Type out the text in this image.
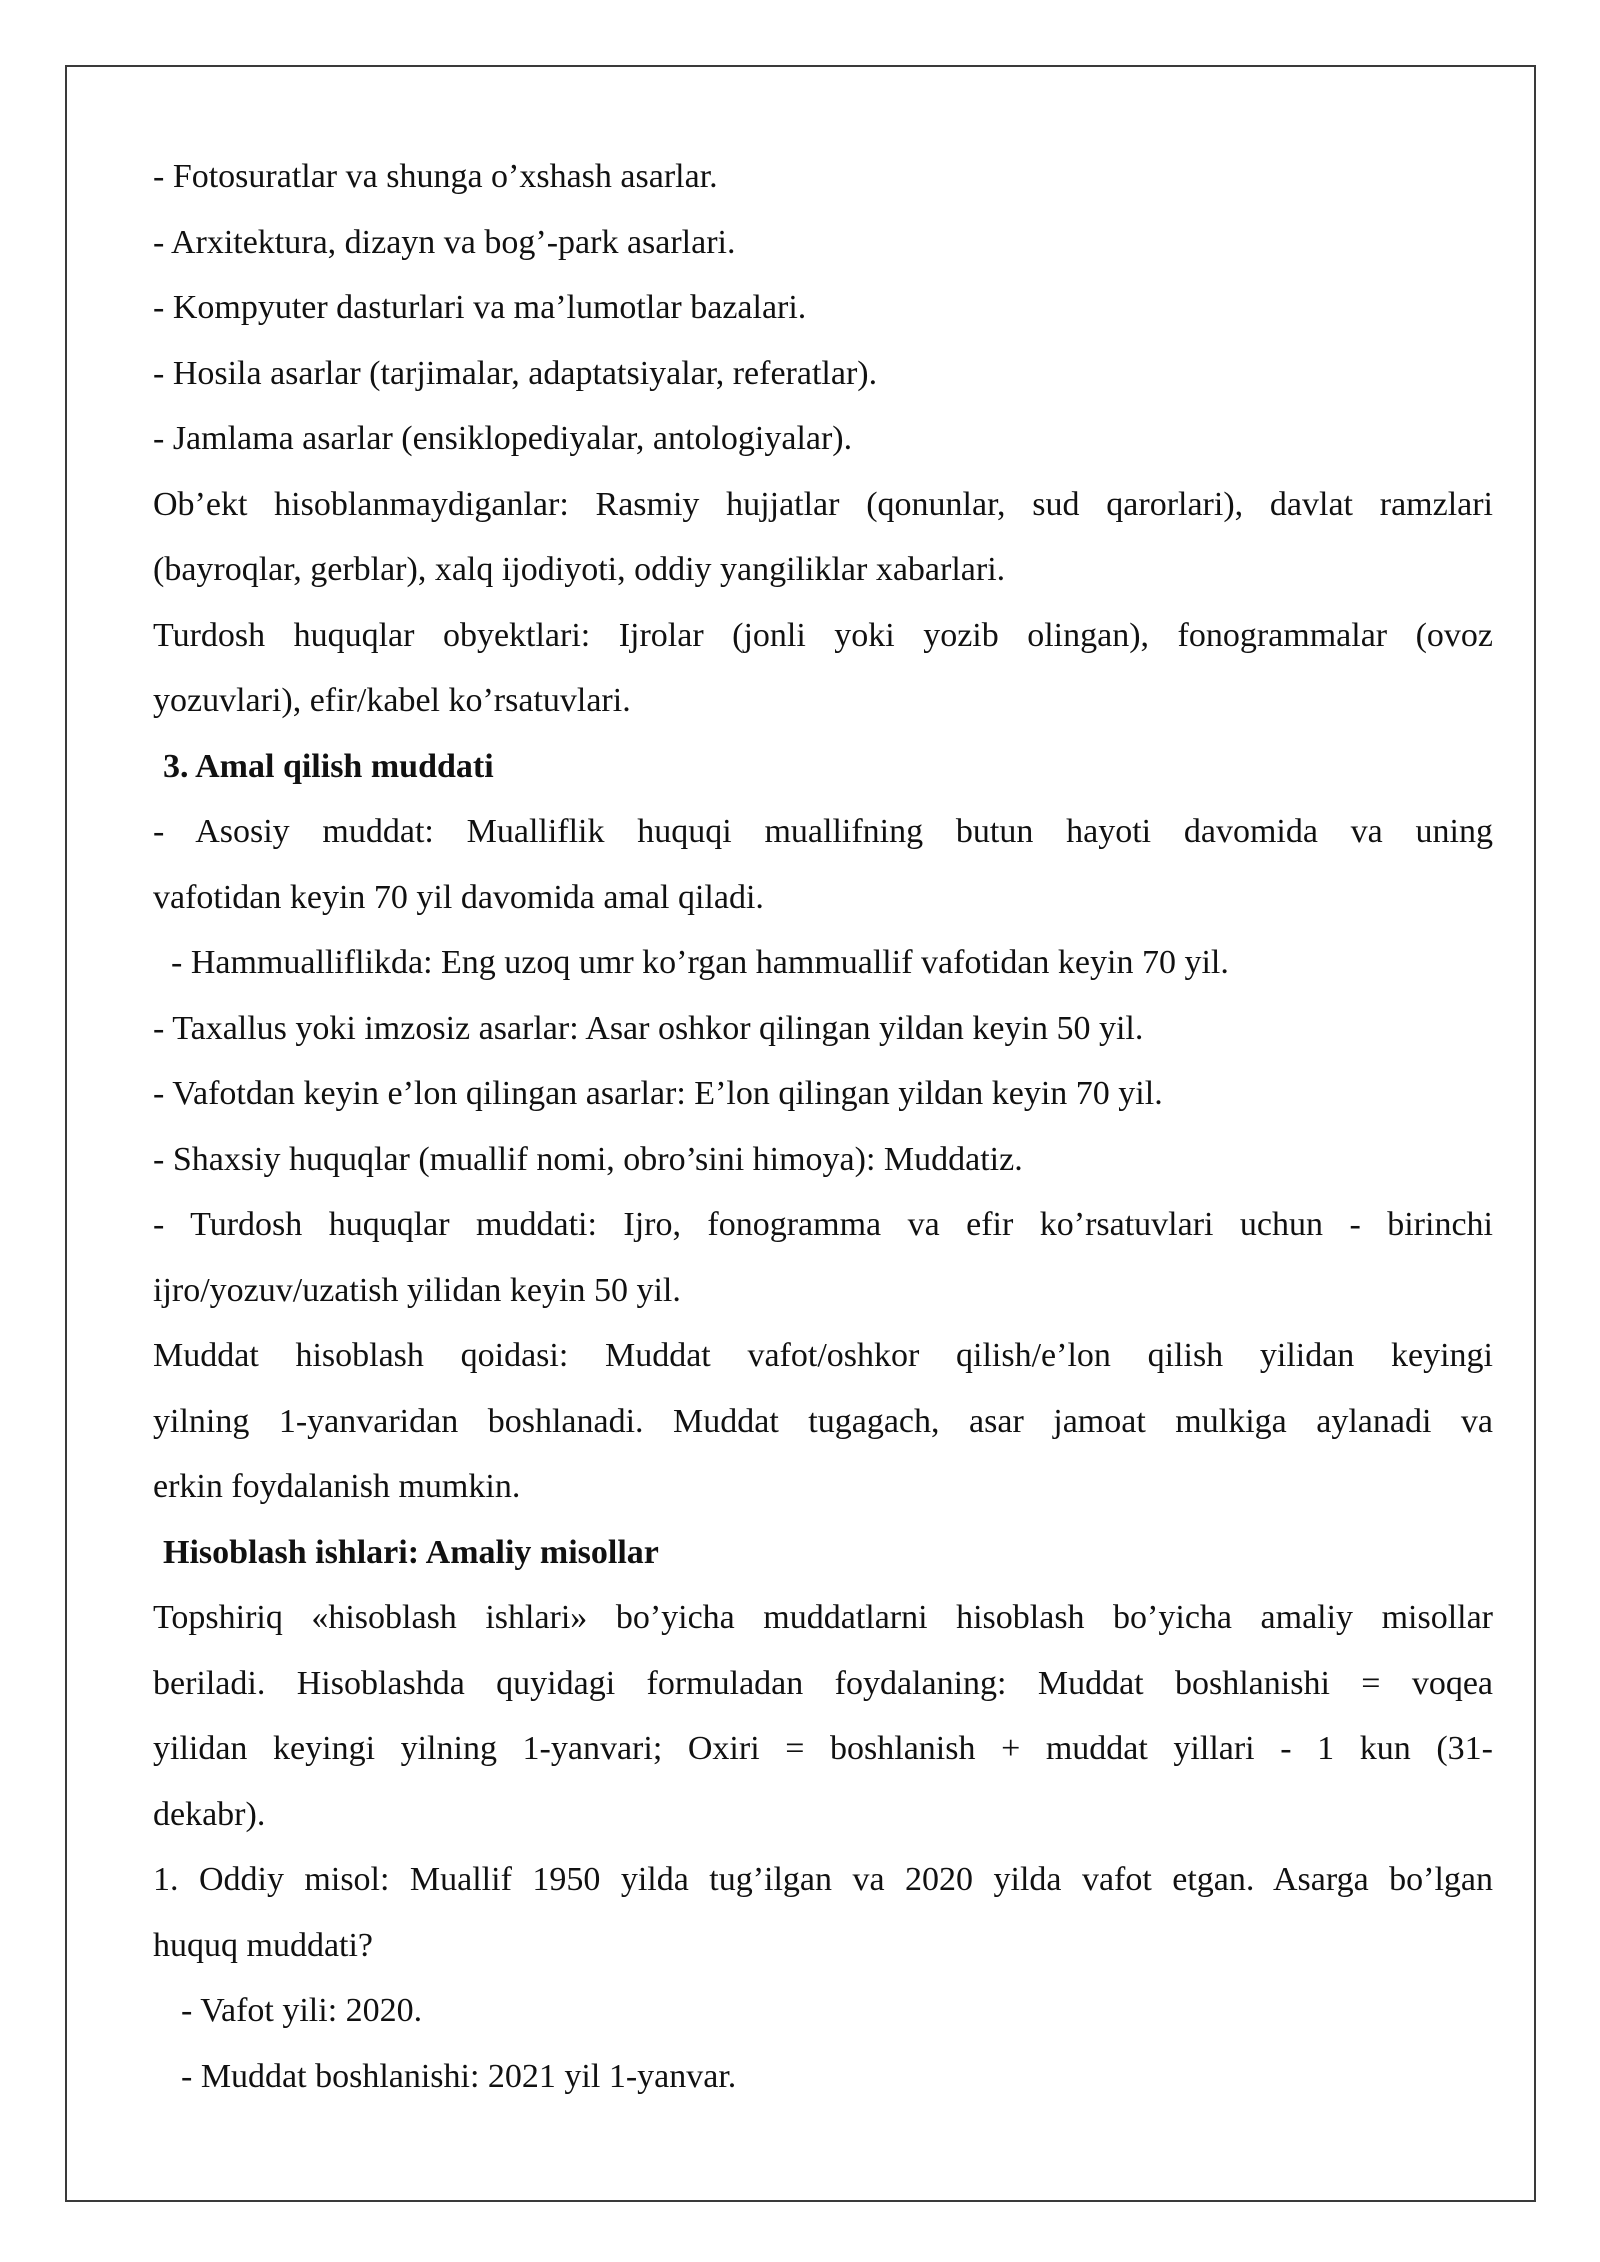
- Fotosuratlar va shunga o’xshash asarlar.
- Arxitektura, dizayn va bog’-park asarlari.
- Kompyuter dasturlari va ma’lumotlar bazalari.
- Hosila asarlar (tarjimalar, adaptatsiyalar, referatlar).
- Jamlama asarlar (ensiklopediyalar, antologiyalar).
Ob’ekt hisoblanmaydiganlar: Rasmiy hujjatlar (qonunlar, sud qarorlari), davlat ramzlari
(bayroqlar, gerblar), xalq ijodiyoti, oddiy yangiliklar xabarlari.
Turdosh huquqlar obyektlari: Ijrolar (jonli yoki yozib olingan), fonogrammalar (ovoz
yozuvlari), efir/kabel ko’rsatuvlari.
3. Amal qilish muddati
- Asosiy muddat: Mualliflik huquqi muallifning butun hayoti davomida va uning
vafotidan keyin 70 yil davomida amal qiladi.
- Hammualliflikda: Eng uzoq umr ko’rgan hammuallif vafotidan keyin 70 yil.
- Taxallus yoki imzosiz asarlar: Asar oshkor qilingan yildan keyin 50 yil.
- Vafotdan keyin e’lon qilingan asarlar: E’lon qilingan yildan keyin 70 yil.
- Shaxsiy huquqlar (muallif nomi, obro’sini himoya): Muddatiz.
- Turdosh huquqlar muddati: Ijro, fonogramma va efir ko’rsatuvlari uchun - birinchi
ijro/yozuv/uzatish yilidan keyin 50 yil.
Muddat hisoblash qoidasi: Muddat vafot/oshkor qilish/e’lon qilish yilidan keyingi
yilning 1-yanvaridan boshlanadi. Muddat tugagach, asar jamoat mulkiga aylanadi va
erkin foydalanish mumkin.
Hisoblash ishlari: Amaliy misollar
Topshiriq «hisoblash ishlari» bo’yicha muddatlarni hisoblash bo’yicha amaliy misollar
beriladi. Hisoblashda quyidagi formuladan foydalaning: Muddat boshlanishi = voqea
yilidan keyingi yilning 1-yanvari; Oxiri = boshlanish + muddat yillari - 1 kun (31-
dekabr).
1. Oddiy misol: Muallif 1950 yilda tug’ilgan va 2020 yilda vafot etgan. Asarga bo’lgan
huquq muddati?
- Vafot yili: 2020.
- Muddat boshlanishi: 2021 yil 1-yanvar.
